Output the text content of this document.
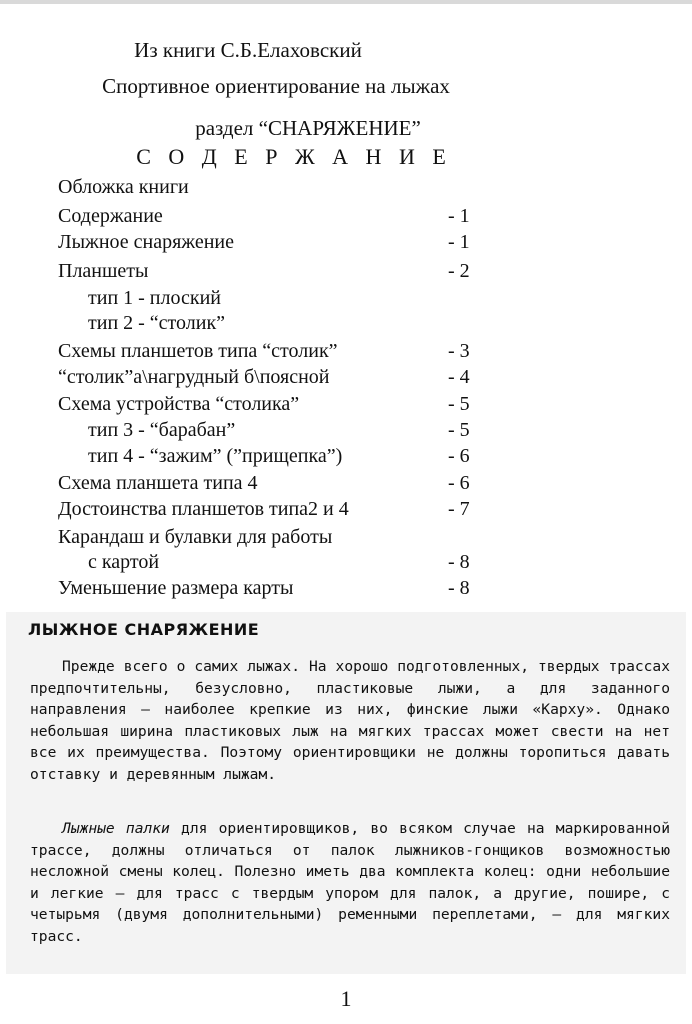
Из книги С.Б.Елаховский
Спортивное ориентирование на лыжах
раздел “СНАРЯЖЕНИЕ”
С О Д Е Р Ж А Н И Е
Обложка книги
Содержание	- 1
Лыжное снаряжение	- 1
Планшеты	- 2
тип 1 - плоский
тип 2 - “столик”
Схемы планшетов типа “столик”	- 3
“столик”а\нагрудный б\поясной	- 4
Схема устройства “столика”	- 5
тип 3 - “барабан”	- 5
тип 4 - “зажим” (”прищепка”)	- 6
Схема планшета типа 4	- 6
Достоинства планшетов типа2 и 4	- 7
Карандаш и булавки для работы
с картой	- 8
Уменьшение размера карты	- 8
ЛЫЖНОЕ СНАРЯЖЕНИЕ

Прежде всего о самих лыжах. На хорошо подготовленных, твердых трассах предпочтительны, безусловно, пластиковые лыжи, а для заданного направления — наиболее крепкие из них, финские лыжи «Карху». Однако небольшая ширина пластиковых лыж на мягких трассах может свести на нет все их преимущества. Поэтому ориентировщики не должны торопиться давать отставку и деревянным лыжам.

Лыжные палки для ориентировщиков, во всяком случае на маркированной трассе, должны отличаться от палок лыжников-гонщиков возможностью несложной смены колец. Полезно иметь два комплекта колец: одни небольшие и легкие — для трасс с твердым упором для палок, а другие, пошире, с четырьмя (двумя дополнительными) ременными переплетами, — для мягких трасс.

1
